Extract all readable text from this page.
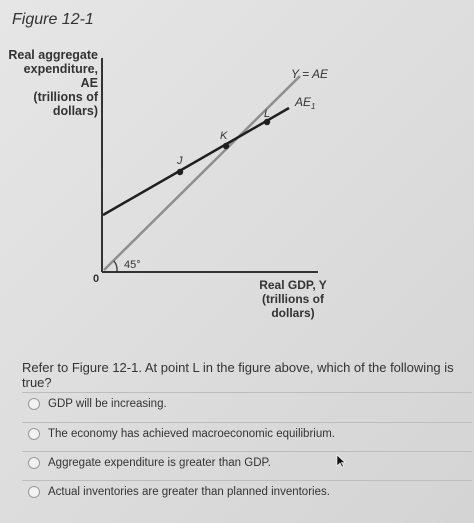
Figure 12-1
Real aggregate
expenditure, AE
(trillions of
dollars)
45°
0
J
K
L
Y = AE
$AE_1$
Real GDP, Y
(trillions of
dollars)
Refer to Figure 12-1. At point L in the figure above, which of the following is true?
GDP will be increasing.
The economy has achieved macroeconomic equilibrium.
Aggregate expenditure is greater than GDP.
Actual inventories are greater than planned inventories.
